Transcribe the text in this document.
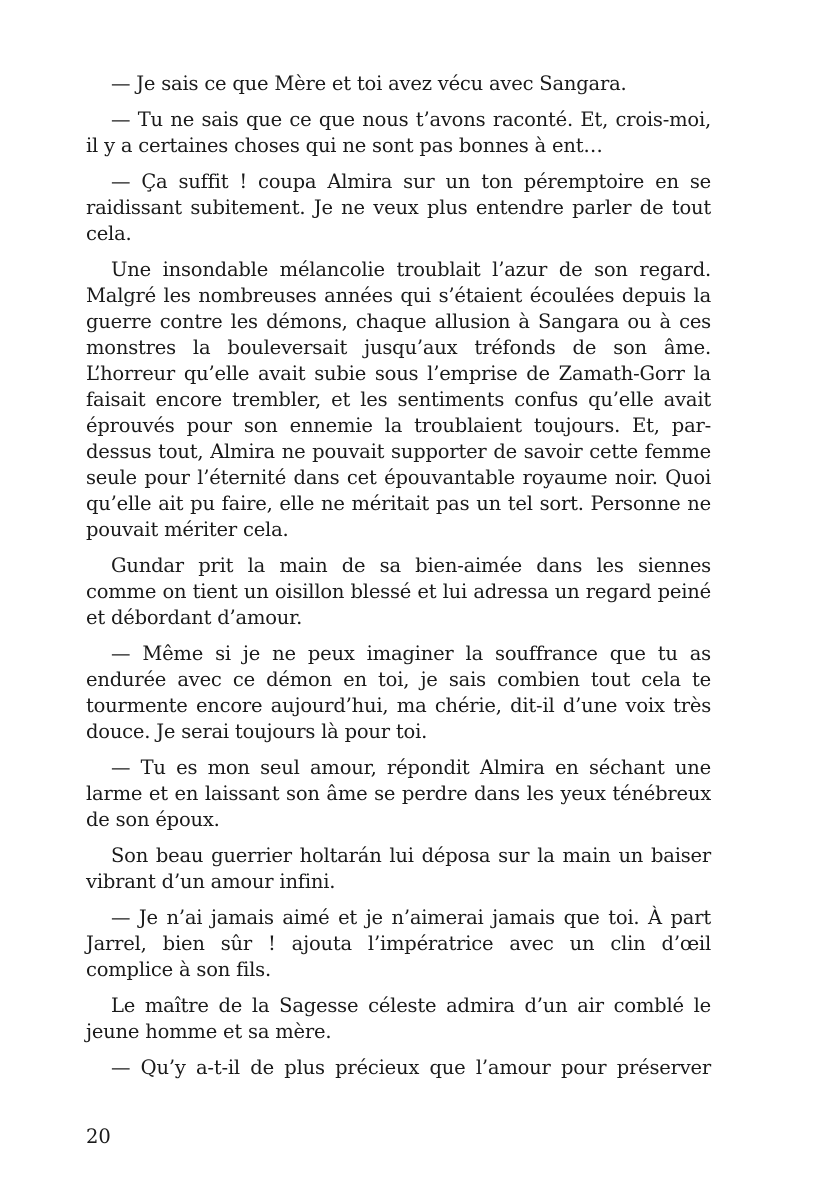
— Je sais ce que Mère et toi avez vécu avec Sangara.

— Tu ne sais que ce que nous t’avons raconté. Et, crois-moi, il y a certaines choses qui ne sont pas bonnes à ent…

— Ça suffit ! coupa Almira sur un ton péremptoire en se raidissant subitement. Je ne veux plus entendre parler de tout cela.

Une insondable mélancolie troublait l’azur de son regard. Malgré les nombreuses années qui s’étaient écoulées depuis la guerre contre les démons, chaque allusion à Sangara ou à ces monstres la bouleversait jusqu’aux tréfonds de son âme. L’horreur qu’elle avait subie sous l’emprise de Zamath-Gorr la faisait encore trembler, et les sentiments confus qu’elle avait éprouvés pour son ennemie la troublaient toujours. Et, par-dessus tout, Almira ne pouvait supporter de savoir cette femme seule pour l’éternité dans cet épouvantable royaume noir. Quoi qu’elle ait pu faire, elle ne méritait pas un tel sort. Personne ne pouvait mériter cela.

Gundar prit la main de sa bien-aimée dans les siennes comme on tient un oisillon blessé et lui adressa un regard peiné et débordant d’amour.

— Même si je ne peux imaginer la souffrance que tu as endurée avec ce démon en toi, je sais combien tout cela te tourmente encore aujourd’hui, ma chérie, dit-il d’une voix très douce. Je serai toujours là pour toi.

— Tu es mon seul amour, répondit Almira en séchant une larme et en laissant son âme se perdre dans les yeux ténébreux de son époux.

Son beau guerrier holtarán lui déposa sur la main un baiser vibrant d’un amour infini.

— Je n’ai jamais aimé et je n’aimerai jamais que toi. À part Jarrel, bien sûr ! ajouta l’impératrice avec un clin d’œil complice à son fils.

Le maître de la Sagesse céleste admira d’un air comblé le jeune homme et sa mère.

— Qu’y a-t-il de plus précieux que l’amour pour préserver

20
